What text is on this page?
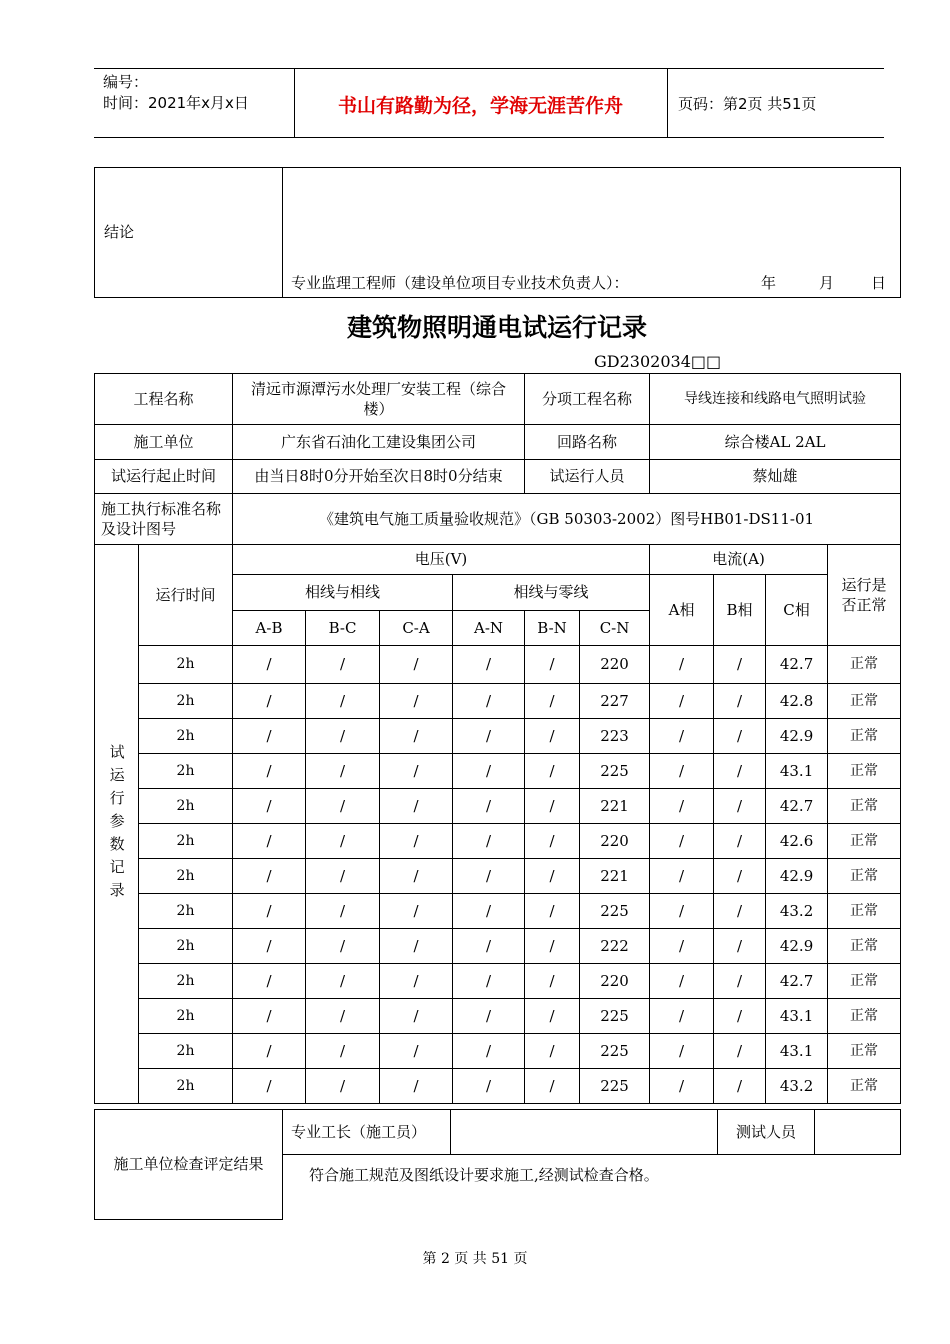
编号：
时间：2021年x月x日	书山有路勤为径，学海无涯苦作舟	页码：第2页 共51页
结论	
专业监理工程师（建设单位项目专业技术负责人）：	年	月 日
建筑物照明通电试运行记录
GD2302034□□
工程名称		清远市源潭污水处理厂安装工程（综合楼）				分项工程名称		导线连接和线路电气照明试验			
施工单位		广东省石油化工建设集团公司				回路名称		综合楼AL 2AL			
试运行起止时间		由当日8时0分开始至次日8时0分结束				试运行人员		蔡灿雄			
施工执行标准名称及设计图号		《建筑电气施工质量验收规范》（GB 50303-2002）图号HB01-DS11-01									

试运行参数记录	运行时间	电压(V)						电流(A)			运行是否正常
		相线与相线			相线与零线			A相	B相	C相	
		A-B	B-C	C-A	A-N	B-N	C-N				
	2h	/	/	/	/	/	220	/	/	42.7	正常
	2h	/	/	/	/	/	227	/	/	42.8	正常
	2h	/	/	/	/	/	223	/	/	42.9	正常
	2h	/	/	/	/	/	225	/	/	43.1	正常
	2h	/	/	/	/	/	221	/	/	42.7	正常
	2h	/	/	/	/	/	220	/	/	42.6	正常
	2h	/	/	/	/	/	221	/	/	42.9	正常
	2h	/	/	/	/	/	225	/	/	43.2	正常
	2h	/	/	/	/	/	222	/	/	42.9	正常
	2h	/	/	/	/	/	220	/	/	42.7	正常
	2h	/	/	/	/	/	225	/	/	43.1	正常
	2h	/	/	/	/	/	225	/	/	43.1	正常
	2h	/	/	/	/	/	225	/	/	43.2	正常
施工单位检查评定结果	专业工长（施工员）		测试人员	
符合施工规范及图纸设计要求施工,经测试检查合格。
第 2 页 共 51 页
